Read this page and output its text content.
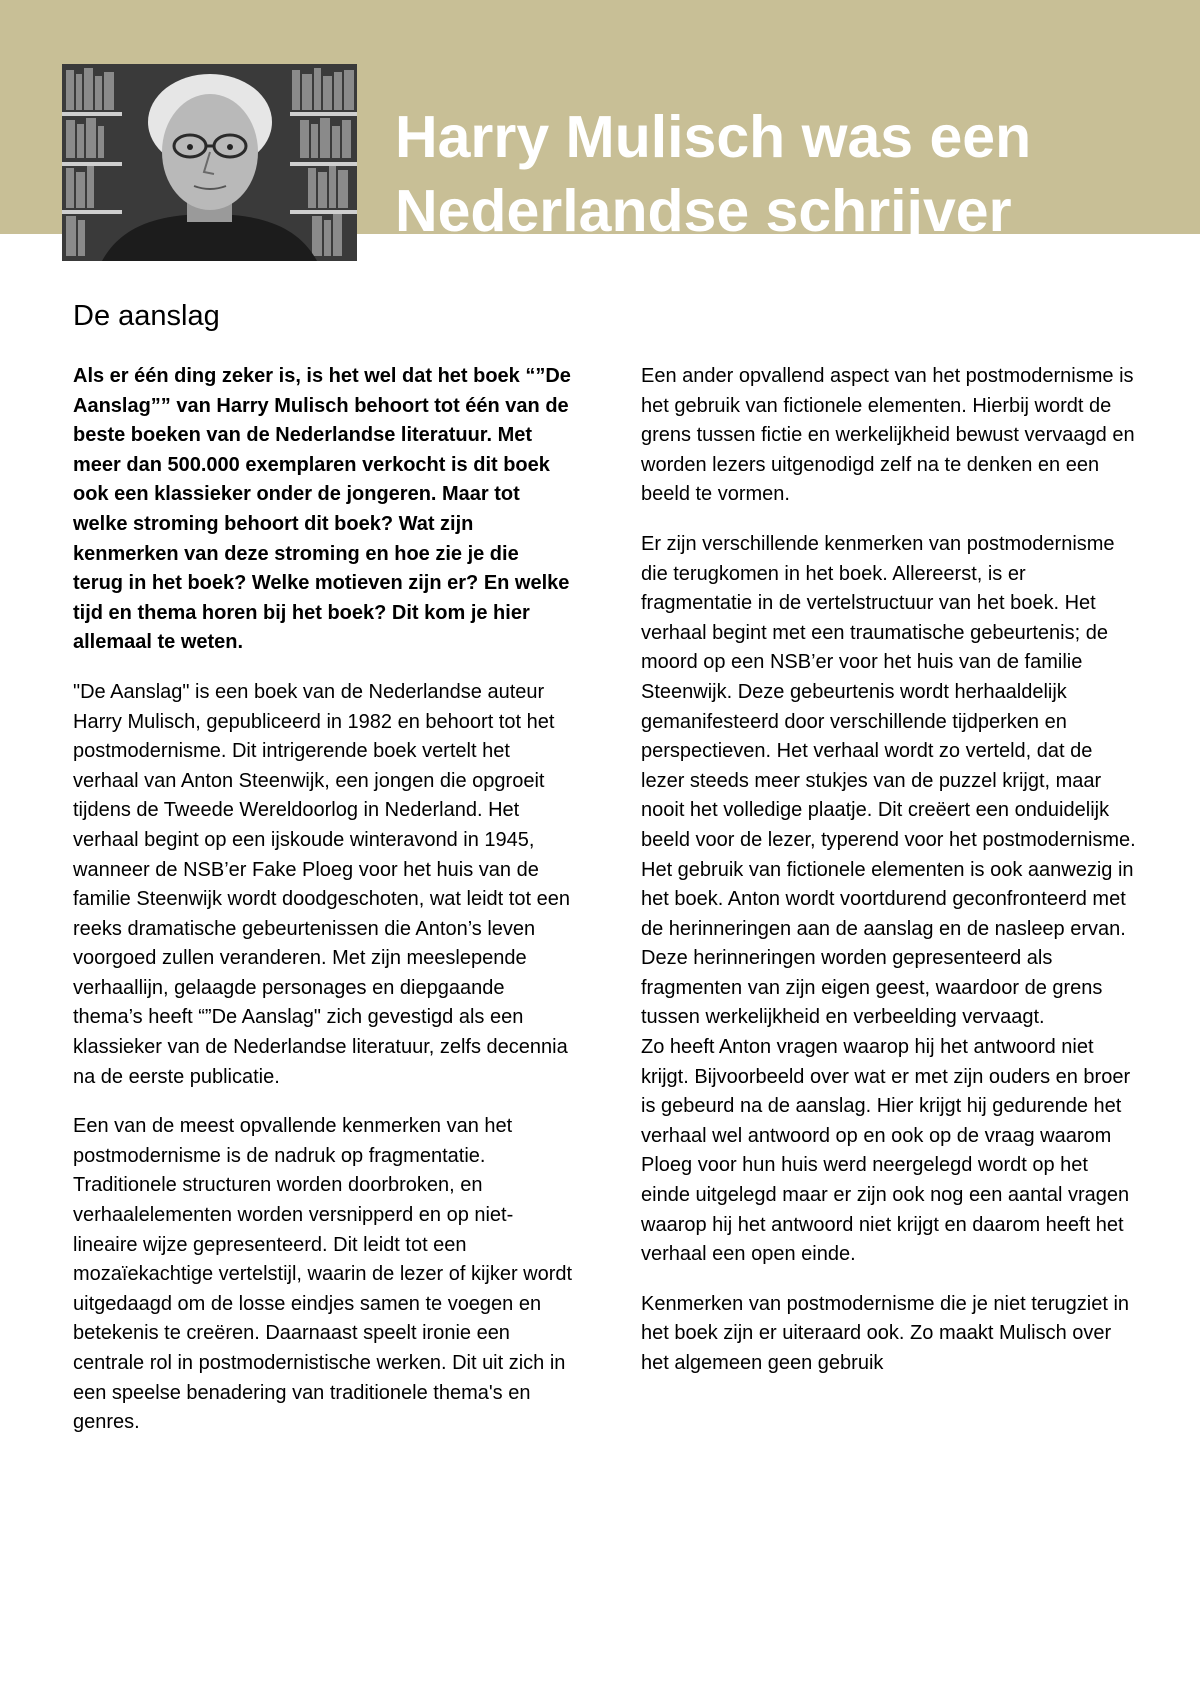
Harry Mulisch was een Nederlandse schrijver
De aanslag

Als er één ding zeker is, is het wel dat het boek “”De Aanslag”” van Harry Mulisch behoort tot één van de beste boeken van de Nederlandse literatuur. Met meer dan 500.000 exemplaren verkocht is dit boek ook een klassieker onder de jongeren. Maar tot welke stroming behoort dit boek? Wat zijn kenmerken van deze stroming en hoe zie je die terug in het boek? Welke motieven zijn er? En welke tijd en thema horen bij het boek? Dit kom je hier allemaal te weten.

"De Aanslag" is een boek van de Nederlandse auteur Harry Mulisch, gepubliceerd in 1982 en behoort tot het postmodernisme. Dit intrigerende boek vertelt het verhaal van Anton Steenwijk, een jongen die opgroeit tijdens de Tweede Wereldoorlog in Nederland. Het verhaal begint op een ijskoude winteravond in 1945, wanneer de NSB’er Fake Ploeg voor het huis van de familie Steenwijk wordt doodgeschoten, wat leidt tot een reeks dramatische gebeurtenissen die Anton’s leven voorgoed zullen veranderen. Met zijn meeslepende verhaallijn, gelaagde personages en diepgaande thema’s heeft “”De Aanslag" zich gevestigd als een klassieker van de Nederlandse literatuur, zelfs decennia na de eerste publicatie.

Een van de meest opvallende kenmerken van het postmodernisme is de nadruk op fragmentatie. Traditionele structuren worden doorbroken, en verhaalelementen worden versnipperd en op niet-lineaire wijze gepresenteerd. Dit leidt tot een mozaïekachtige vertelstijl, waarin de lezer of kijker wordt uitgedaagd om de losse eindjes samen te voegen en betekenis te creëren. Daarnaast speelt ironie een centrale rol in postmodernistische werken. Dit uit zich in een speelse benadering van traditionele thema's en genres.

Een ander opvallend aspect van het postmodernisme is het gebruik van fictionele elementen. Hierbij wordt de grens tussen fictie en werkelijkheid bewust vervaagd en worden lezers uitgenodigd zelf na te denken en een beeld te vormen.

Er zijn verschillende kenmerken van postmodernisme die terugkomen in het boek. Allereerst, is er fragmentatie in de vertelstructuur van het boek. Het verhaal begint met een traumatische gebeurtenis; de moord op een NSB’er voor het huis van de familie Steenwijk. Deze gebeurtenis wordt herhaaldelijk gemanifesteerd door verschillende tijdperken en perspectieven. Het verhaal wordt zo verteld, dat de lezer steeds meer stukjes van de puzzel krijgt, maar nooit het volledige plaatje. Dit creëert een onduidelijk beeld voor de lezer, typerend voor het postmodernisme.

Het gebruik van fictionele elementen is ook aanwezig in het boek. Anton wordt voortdurend geconfronteerd met de herinneringen aan de aanslag en de nasleep ervan. Deze herinneringen worden gepresenteerd als fragmenten van zijn eigen geest, waardoor de grens tussen werkelijkheid en verbeelding vervaagt.

Zo heeft Anton vragen waarop hij het antwoord niet krijgt. Bijvoorbeeld over wat er met zijn ouders en broer is gebeurd na de aanslag. Hier krijgt hij gedurende het verhaal wel antwoord op en ook op de vraag waarom Ploeg voor hun huis werd neergelegd wordt op het einde uitgelegd maar er zijn ook nog een aantal vragen waarop hij het antwoord niet krijgt en daarom heeft het verhaal een open einde.

Kenmerken van postmodernisme die je niet terugziet in het boek zijn er uiteraard ook. Zo maakt Mulisch over het algemeen geen gebruik
